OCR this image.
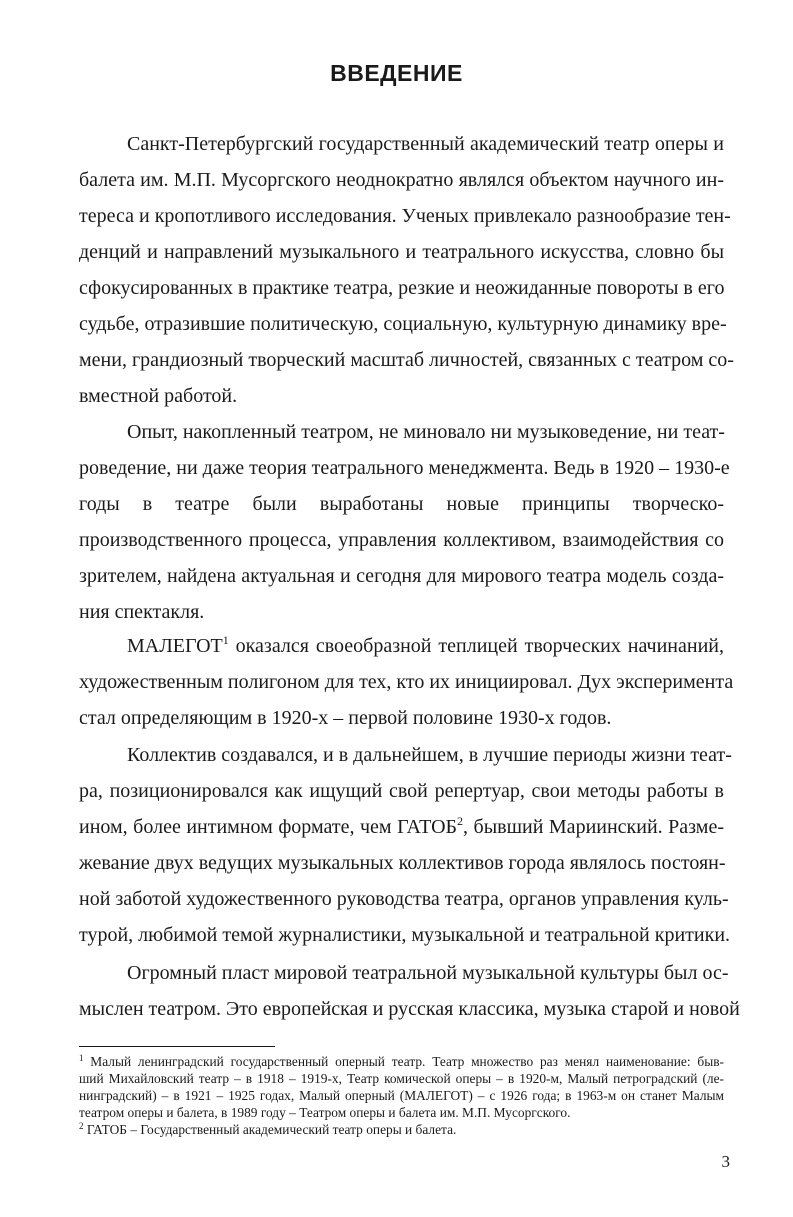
ВВЕДЕНИЕ
Санкт-Петербургский государственный академический театр оперы и
балета им. М.П. Мусоргского неоднократно являлся объектом научного ин-
тереса и кропотливого исследования. Ученых привлекало разнообразие тен-
денций и направлений музыкального и театрального искусства, словно бы
сфокусированных в практике театра, резкие и неожиданные повороты в его
судьбе, отразившие политическую, социальную, культурную динамику вре-
мени, грандиозный творческий масштаб личностей, связанных с театром со-
вместной работой.
Опыт, накопленный театром, не миновало ни музыковедение, ни теат-
роведение, ни даже теория театрального менеджмента. Ведь в 1920 – 1930-е
годы в театре были выработаны новые принципы творческо-
производственного процесса, управления коллективом, взаимодействия со
зрителем, найдена актуальная и сегодня для мирового театра модель созда-
ния спектакля.
МАЛЕГОТ$^1$ оказался своеобразной теплицей творческих начинаний,
художественным полигоном для тех, кто их инициировал. Дух эксперимента
стал определяющим в 1920-х – первой половине 1930-х годов.
Коллектив создавался, и в дальнейшем, в лучшие периоды жизни теат-
ра, позиционировался как ищущий свой репертуар, свои методы работы в
ином, более интимном формате, чем ГАТОБ$^2$, бывший Мариинский. Разме-
жевание двух ведущих музыкальных коллективов города являлось постоян-
ной заботой художественного руководства театра, органов управления куль-
турой, любимой темой журналистики, музыкальной и театральной критики.
Огромный пласт мировой театральной музыкальной культуры был ос-
мыслен театром. Это европейская и русская классика, музыка старой и новой
$^1$ Малый ленинградский государственный оперный театр. Театр множество раз менял наименование: быв-
ший Михайловский театр – в 1918 – 1919-х, Театр комической оперы – в 1920-м, Малый петроградский (ле-
нинградский) – в 1921 – 1925 годах, Малый оперный (МАЛЕГОТ) – с 1926 года; в 1963-м он станет Малым
театром оперы и балета, в 1989 году – Театром оперы и балета им. М.П. Мусоргского.
$^2$ ГАТОБ – Государственный академический театр оперы и балета.
3
